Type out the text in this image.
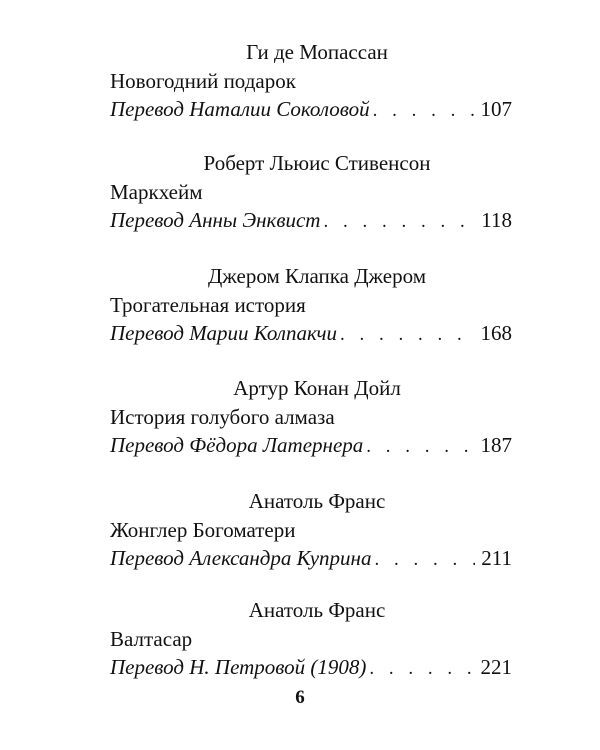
Ги де Мопассан
Новогодний подарок
Перевод Наталии Соколовой . . .	107
Роберт Льюис Стивенсон
Маркхейм
Перевод Анны Энквист . . .	118
Джером Клапка Джером
Трогательная история
Перевод Марии Колпакчи . . .	168
Артур Конан Дойл
История голубого алмаза
Перевод Фёдора Латернера . . .	187
Анатоль Франс
Жонглер Богоматери
Перевод Александра Куприна . . .	211
Анатоль Франс
Валтасар
Перевод Н. Петровой (1908) . . .	221
6
